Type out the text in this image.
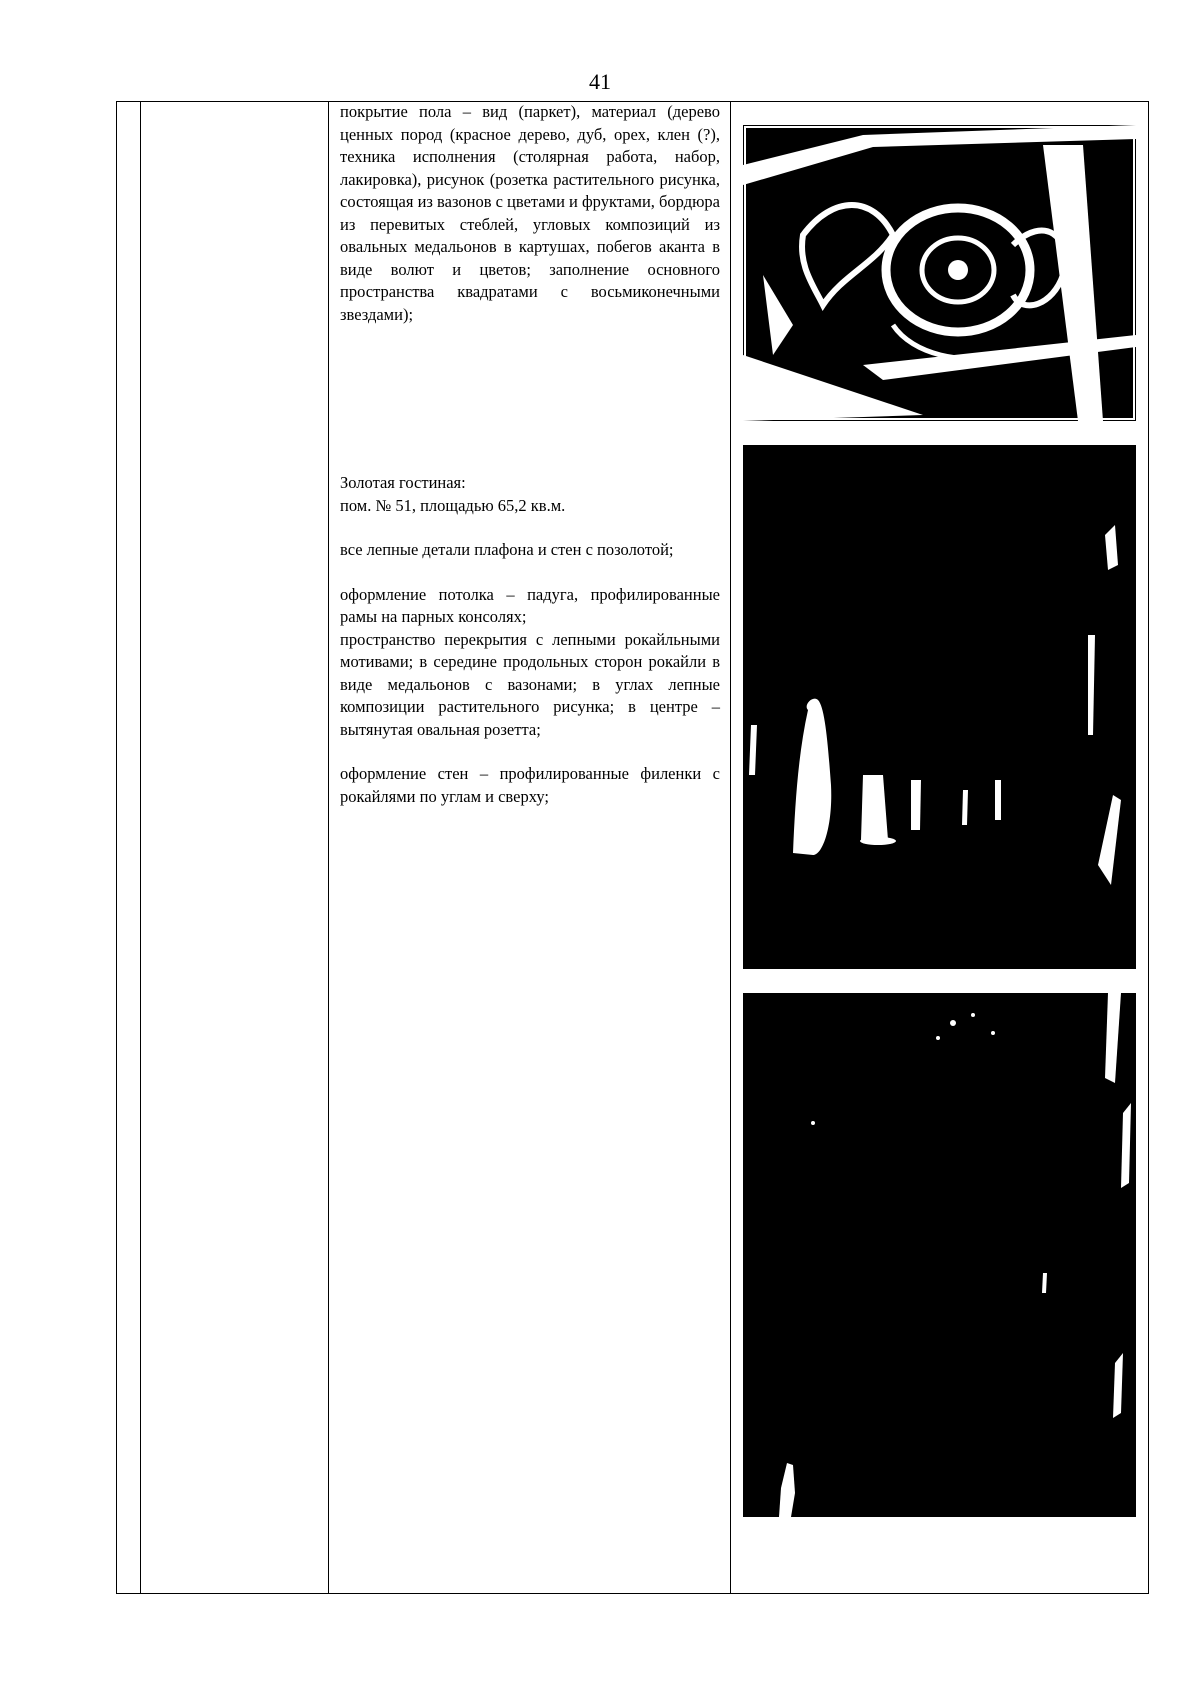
41

покрытие пола – вид (паркет), материал (дерево ценных пород (красное дерево, дуб, орех, клен (?), техника исполнения (столярная работа, набор, лакировка), рисунок (розетка растительного рисунка, состоящая из вазонов с цветами и фруктами, бордюра из перевитых стеблей, угловых композиций из овальных медальонов в картушах, побегов аканта в виде волют и цветов; заполнение основного пространства квадратами с восьмиконечными звездами);

Золотая гостиная:

пом. № 51, площадью 65,2 кв.м.

все лепные детали плафона и стен с позолотой;

оформление потолка – падуга, профилированные рамы на парных консолях;

пространство перекрытия с лепными рокайльными мотивами; в середине продольных сторон рокайли в виде медальонов с вазонами; в углах лепные композиции растительного рисунка; в центре – вытянутая овальная розетта;

оформление стен – профилированные филенки с рокайлями по углам и сверху;
